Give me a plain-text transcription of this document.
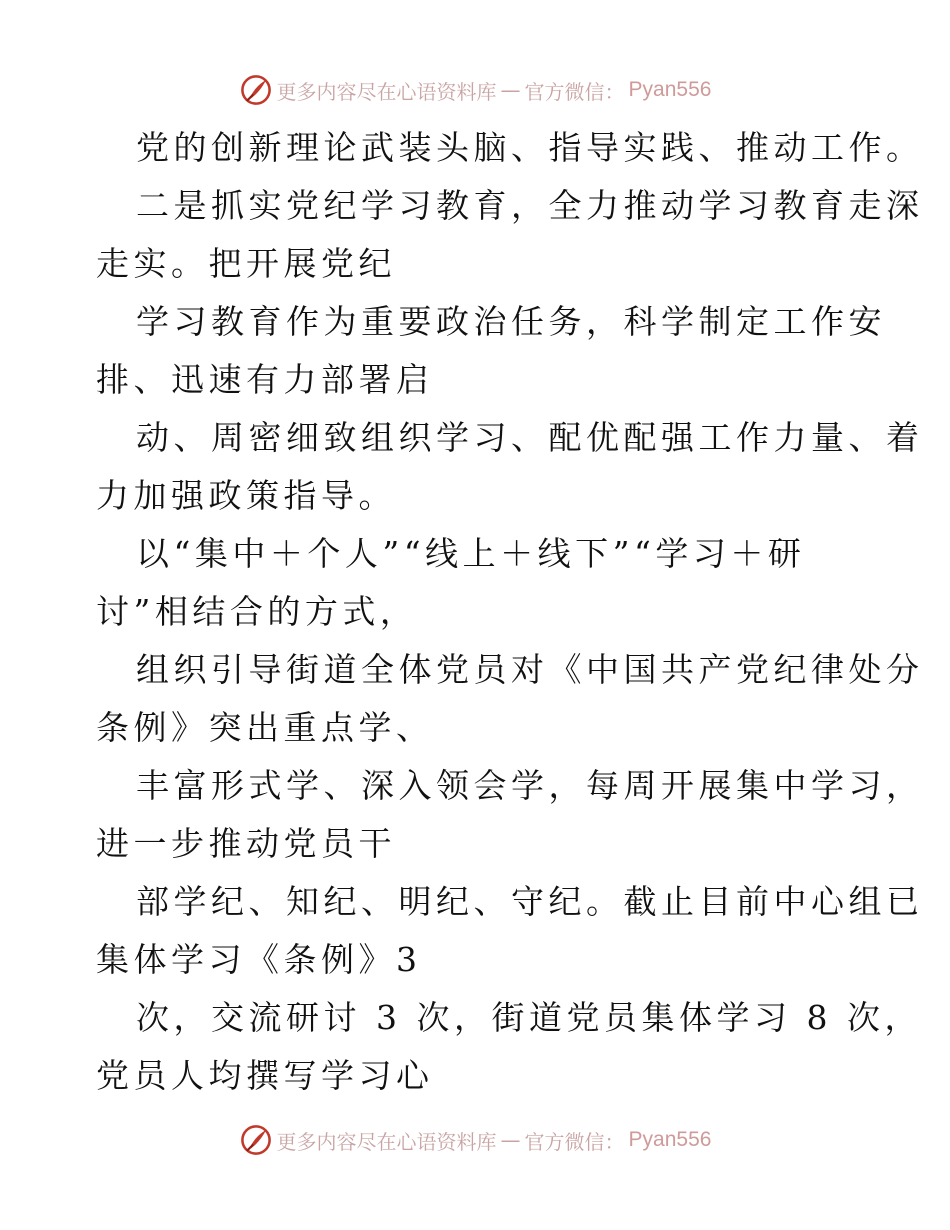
更多内容尽在心语资料库 — 官方微信： Pyan556
党的创新理论武装头脑、指导实践、推动工作。
二是抓实党纪学习教育，全力推动学习教育走深
走实。把开展党纪
学习教育作为重要政治任务，科学制定工作安
排、迅速有力部署启
动、周密细致组织学习、配优配强工作力量、着
力加强政策指导。
以“集中＋个人”“线上＋线下”“学习＋研
讨”相结合的方式，
组织引导街道全体党员对《中国共产党纪律处分
条例》突出重点学、
丰富形式学、深入领会学，每周开展集中学习，
进一步推动党员干
部学纪、知纪、明纪、守纪。截止目前中心组已
集体学习《条例》3
次，交流研讨 3 次，街道党员集体学习 8 次，
党员人均撰写学习心
更多内容尽在心语资料库 — 官方微信： Pyan556
